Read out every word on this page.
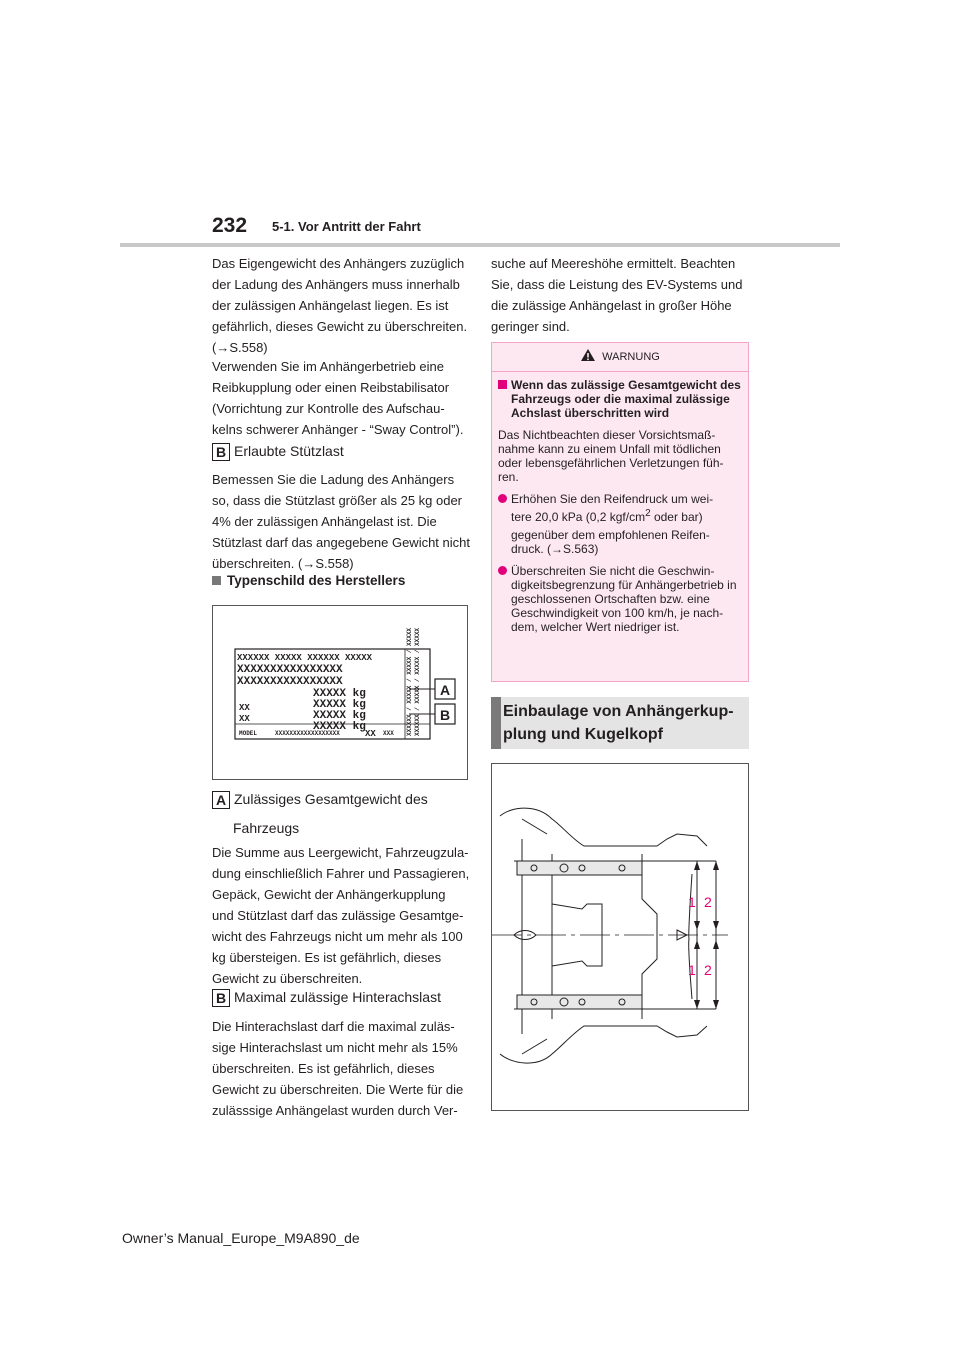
232 5-1. Vor Antritt der Fahrt

Das Eigengewicht des Anhängers zuzüglich

der Ladung des Anhängers muss innerhalb

der zulässigen Anhängelast liegen. Es ist

gefährlich, dieses Gewicht zu überschreiten.

(→S.558)

Verwenden Sie im Anhängerbetrieb eine

Reibkupplung oder einen Reibstabilisator

(Vorrichtung zur Kontrolle des Aufschau-

kelns schwerer Anhänger - “Sway Control”).

B Erlaubte Stützlast

Bemessen Sie die Ladung des Anhängers

so, dass die Stützlast größer als 25 kg oder

4% der zulässigen Anhängelast ist. Die

Stützlast darf das angegebene Gewicht nicht

überschreiten. (→S.558)

Typenschild des Herstellers
XXXXXX XXXXX XXXXXX XXXXX
XXXXXXXXXXXXXXXX
XXXXXXXXXXXXXXXX
XXXXX kg
XXXXX kg
XXXXX kg
XXXXX kg
XX
XX
MODEL	XXXXXXXXXXXXXXXXXX	XX XXX XXXXXX / XXXXX / XXXXX / XXXXX XXXXXX / XXXXX / XXXXX / XXXXX A
B
A Zulässiges Gesamtgewicht des
Fahrzeugs

Die Summe aus Leergewicht, Fahrzeugzula-

dung einschließlich Fahrer und Passagieren,

Gepäck, Gewicht der Anhängerkupplung

und Stützlast darf das zulässige Gesamtge-

wicht des Fahrzeugs nicht um mehr als 100

kg übersteigen. Es ist gefährlich, dieses

Gewicht zu überschreiten.

B Maximal zulässige Hinterachslast

Die Hinterachslast darf die maximal zuläs-

sige Hinterachslast um nicht mehr als 15%

überschreiten. Es ist gefährlich, dieses

Gewicht zu überschreiten. Die Werte für die

zulässsige Anhängelast wurden durch Ver-

suche auf Meereshöhe ermittelt. Beachten

Sie, dass die Leistung des EV-Systems und

die zulässige Anhängelast in großer Höhe

geringer sind.

WARNUNG

Wenn das zulässige Gesamtgewicht des Fahrzeugs oder die maximal zulässige Achslast überschritten wird

Das Nichtbeachten dieser Vorsichtsmaß-nahme kann zu einem Unfall mit tödlichen oder lebensgefährlichen Verletzungen füh-ren.

Erhöhen Sie den Reifendruck um wei-
tere 20,0 kPa (0,2 kgf/$cm^2$ oder bar) gegenüber dem empfohlenen Reifen-druck. (→S.563)

Überschreiten Sie nicht die Geschwin-digkeitsbegrenzung für Anhängerbetrieb in geschlossenen Ortschaften bzw. eine Geschwindigkeit von 100 km/h, je nach-dem, welcher Wert niedriger ist.

Einbaulage von Anhängerkup-
plung und Kugelkopf
1 2
1 2
Owner’s Manual_Europe_M9A890_de
